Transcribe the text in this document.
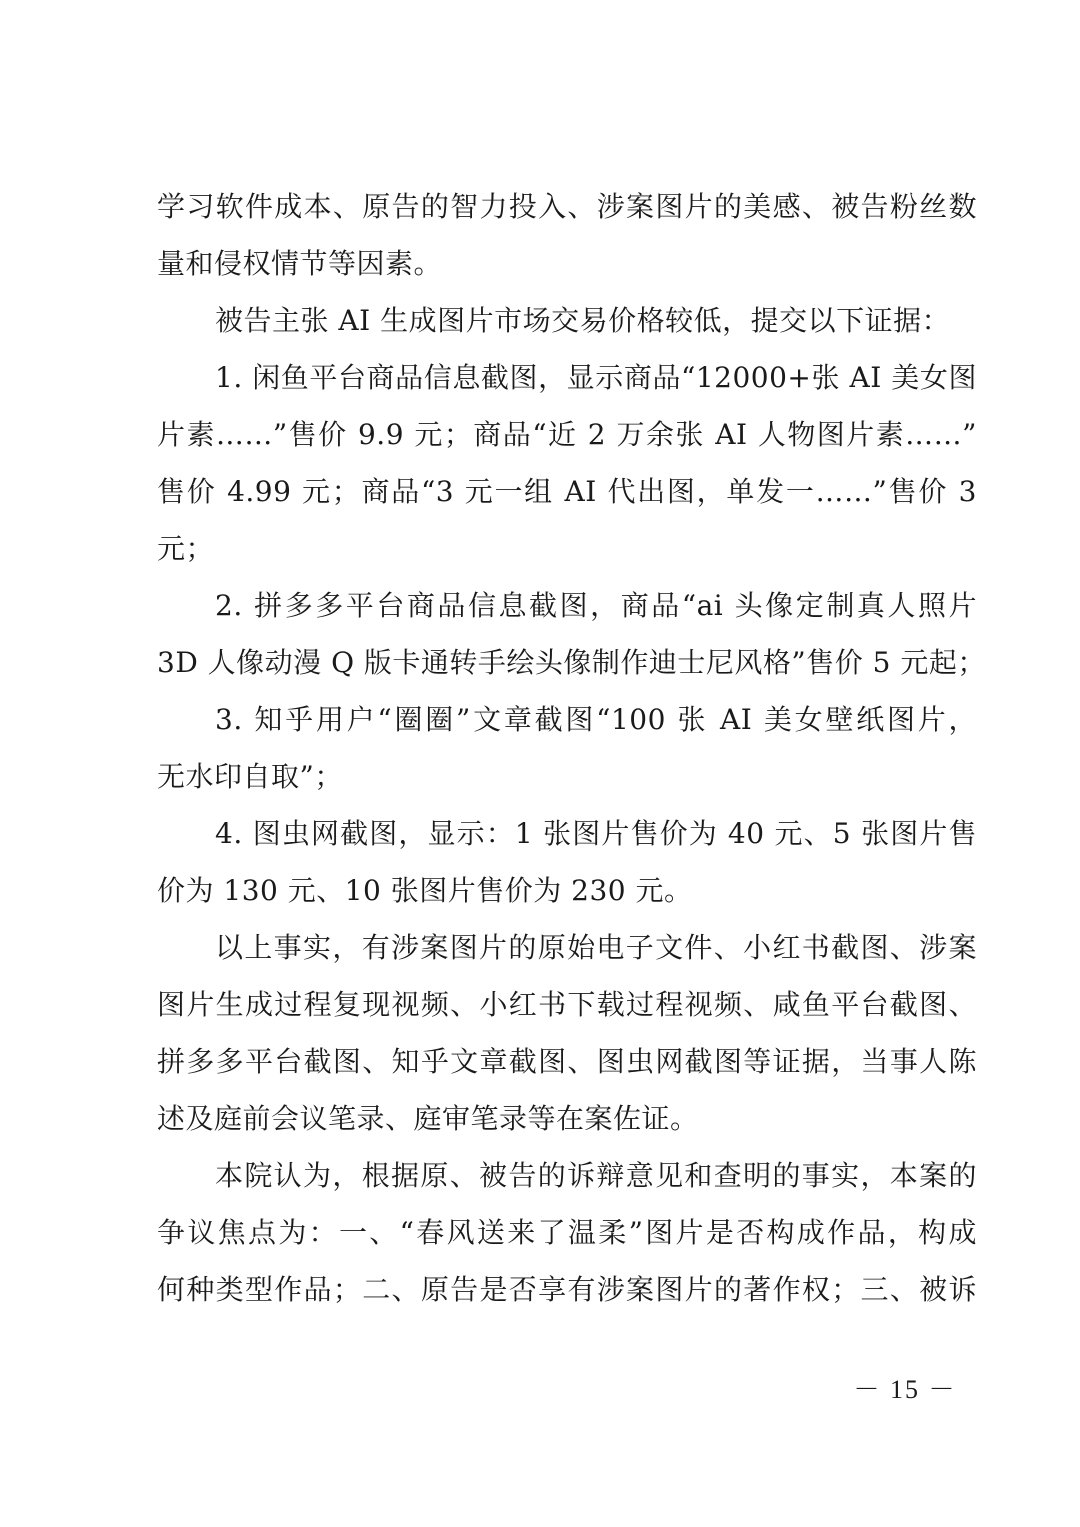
学习软件成本、原告的智力投入、涉案图片的美感、被告粉丝数
量和侵权情节等因素。
被告主张 AI 生成图片市场交易价格较低，提交以下证据：
1. 闲鱼平台商品信息截图，显示商品“12000+张 AI 美女图
片素……”售价 9.9 元；商品“近 2 万余张 AI 人物图片素……”
售价 4.99 元；商品“3 元一组 AI 代出图，单发一……”售价 3
元；
2. 拼多多平台商品信息截图，商品“ai 头像定制真人照片
3D 人像动漫 Q 版卡通转手绘头像制作迪士尼风格”售价 5 元起；
3. 知乎用户“圈圈”文章截图“100 张 AI 美女壁纸图片，
无水印自取”；
4. 图虫网截图，显示：1 张图片售价为 40 元、5 张图片售
价为 130 元、10 张图片售价为 230 元。
以上事实，有涉案图片的原始电子文件、小红书截图、涉案
图片生成过程复现视频、小红书下载过程视频、咸鱼平台截图、
拼多多平台截图、知乎文章截图、图虫网截图等证据，当事人陈
述及庭前会议笔录、庭审笔录等在案佐证。
本院认为，根据原、被告的诉辩意见和查明的事实，本案的
争议焦点为：一、“春风送来了温柔”图片是否构成作品，构成
何种类型作品；二、原告是否享有涉案图片的著作权；三、被诉
－ 15 －
